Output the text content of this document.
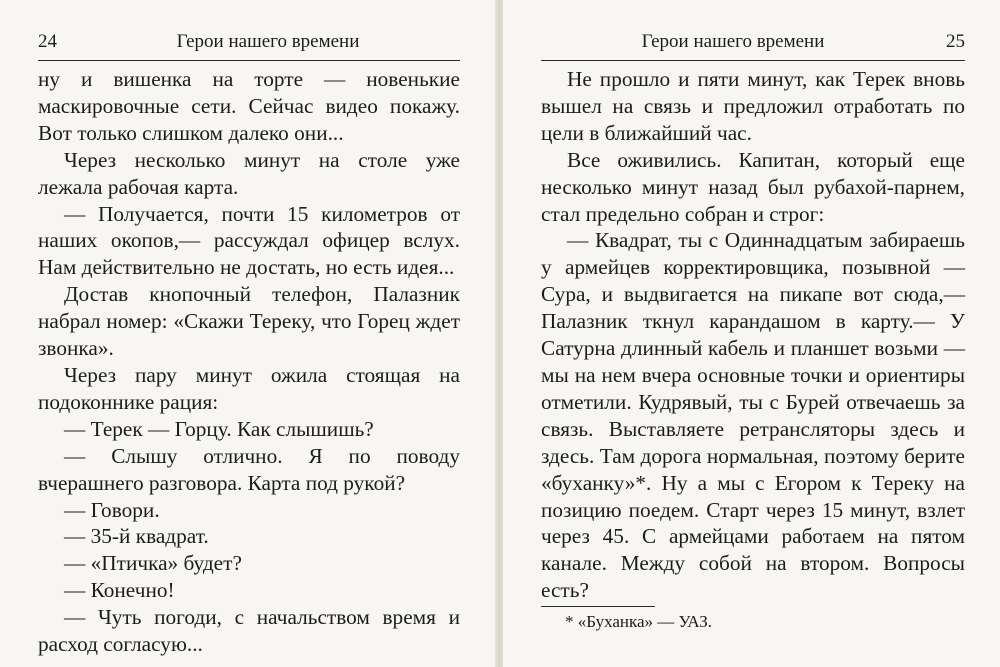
24	Герои нашего времени

ну и вишенка на торте — новенькие маскировочные сети. Сейчас видео покажу. Вот только слишком далеко они...

Через несколько минут на столе уже лежала рабочая карта.

— Получается, почти 15 километров от наших окопов,— рассуждал офицер вслух. Нам действительно не достать, но есть идея...

Достав кнопочный телефон, Палазник набрал номер: «Скажи Тереку, что Горец ждет звонка».

Через пару минут ожила стоящая на подоконнике рация:

— Терек — Горцу. Как слышишь?

— Слышу отлично. Я по поводу вчерашнего разговора. Карта под рукой?

— Говори.

— 35-й квадрат.

— «Птичка» будет?

— Конечно!

— Чуть погоди, с начальством время и расход согласую...

Герои нашего времени	25

Не прошло и пяти минут, как Терек вновь вышел на связь и предложил отработать по цели в ближайший час.

Все оживились. Капитан, который еще несколько минут назад был рубахой-парнем, стал предельно собран и строг:

— Квадрат, ты с Одиннадцатым забираешь у армейцев корректировщика, позывной — Сура, и выдвигается на пикапе вот сюда,— Палазник ткнул карандашом в карту.— У Сатурна длинный кабель и планшет возьми — мы на нем вчера основные точки и ориентиры отметили. Кудрявый, ты с Бурей отвечаешь за связь. Выставляете ретрансляторы здесь и здесь. Там дорога нормальная, поэтому берите «буханку»*. Ну а мы с Егором к Тереку на позицию поедем. Старт через 15 минут, взлет через 45. С армейцами работаем на пятом канале. Между собой на втором. Вопросы есть?

* «Буханка» — УАЗ.
